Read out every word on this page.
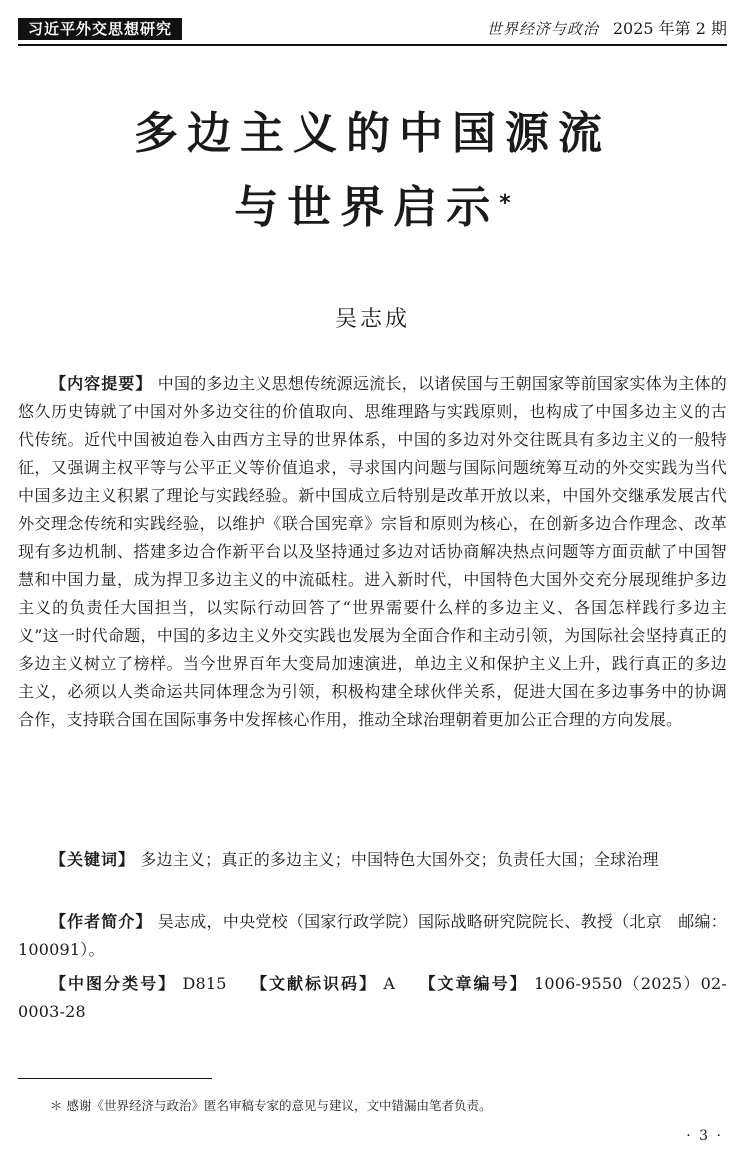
习近平外交思想研究	世界经济与政治 2025 年第 2 期
多边主义的中国源流
与世界启示*
吴志成
【内容提要】 中国的多边主义思想传统源远流长，以诸侯国与王朝国家等前国家实体为主体的悠久历史铸就了中国对外多边交往的价值取向、思维理路与实践原则，也构成了中国多边主义的古代传统。近代中国被迫卷入由西方主导的世界体系，中国的多边对外交往既具有多边主义的一般特征，又强调主权平等与公平正义等价值追求，寻求国内问题与国际问题统筹互动的外交实践为当代中国多边主义积累了理论与实践经验。新中国成立后特别是改革开放以来，中国外交继承发展古代外交理念传统和实践经验，以维护《联合国宪章》宗旨和原则为核心，在创新多边合作理念、改革现有多边机制、搭建多边合作新平台以及坚持通过多边对话协商解决热点问题等方面贡献了中国智慧和中国力量，成为捍卫多边主义的中流砥柱。进入新时代，中国特色大国外交充分展现维护多边主义的负责任大国担当，以实际行动回答了“世界需要什么样的多边主义、各国怎样践行多边主义”这一时代命题，中国的多边主义外交实践也发展为全面合作和主动引领，为国际社会坚持真正的多边主义树立了榜样。当今世界百年大变局加速演进，单边主义和保护主义上升，践行真正的多边主义，必须以人类命运共同体理念为引领，积极构建全球伙伴关系，促进大国在多边事务中的协调合作，支持联合国在国际事务中发挥核心作用，推动全球治理朝着更加公正合理的方向发展。
【关键词】 多边主义；真正的多边主义；中国特色大国外交；负责任大国；全球治理
【作者简介】 吴志成，中央党校（国家行政学院）国际战略研究院院长、教授（北京　邮编：100091）。
【中图分类号】 D815 【文献标识码】 A 【文章编号】 1006-9550（2025）02-0003-28
＊ 感谢《世界经济与政治》匿名审稿专家的意见与建议，文中错漏由笔者负责。
· 3 ·
